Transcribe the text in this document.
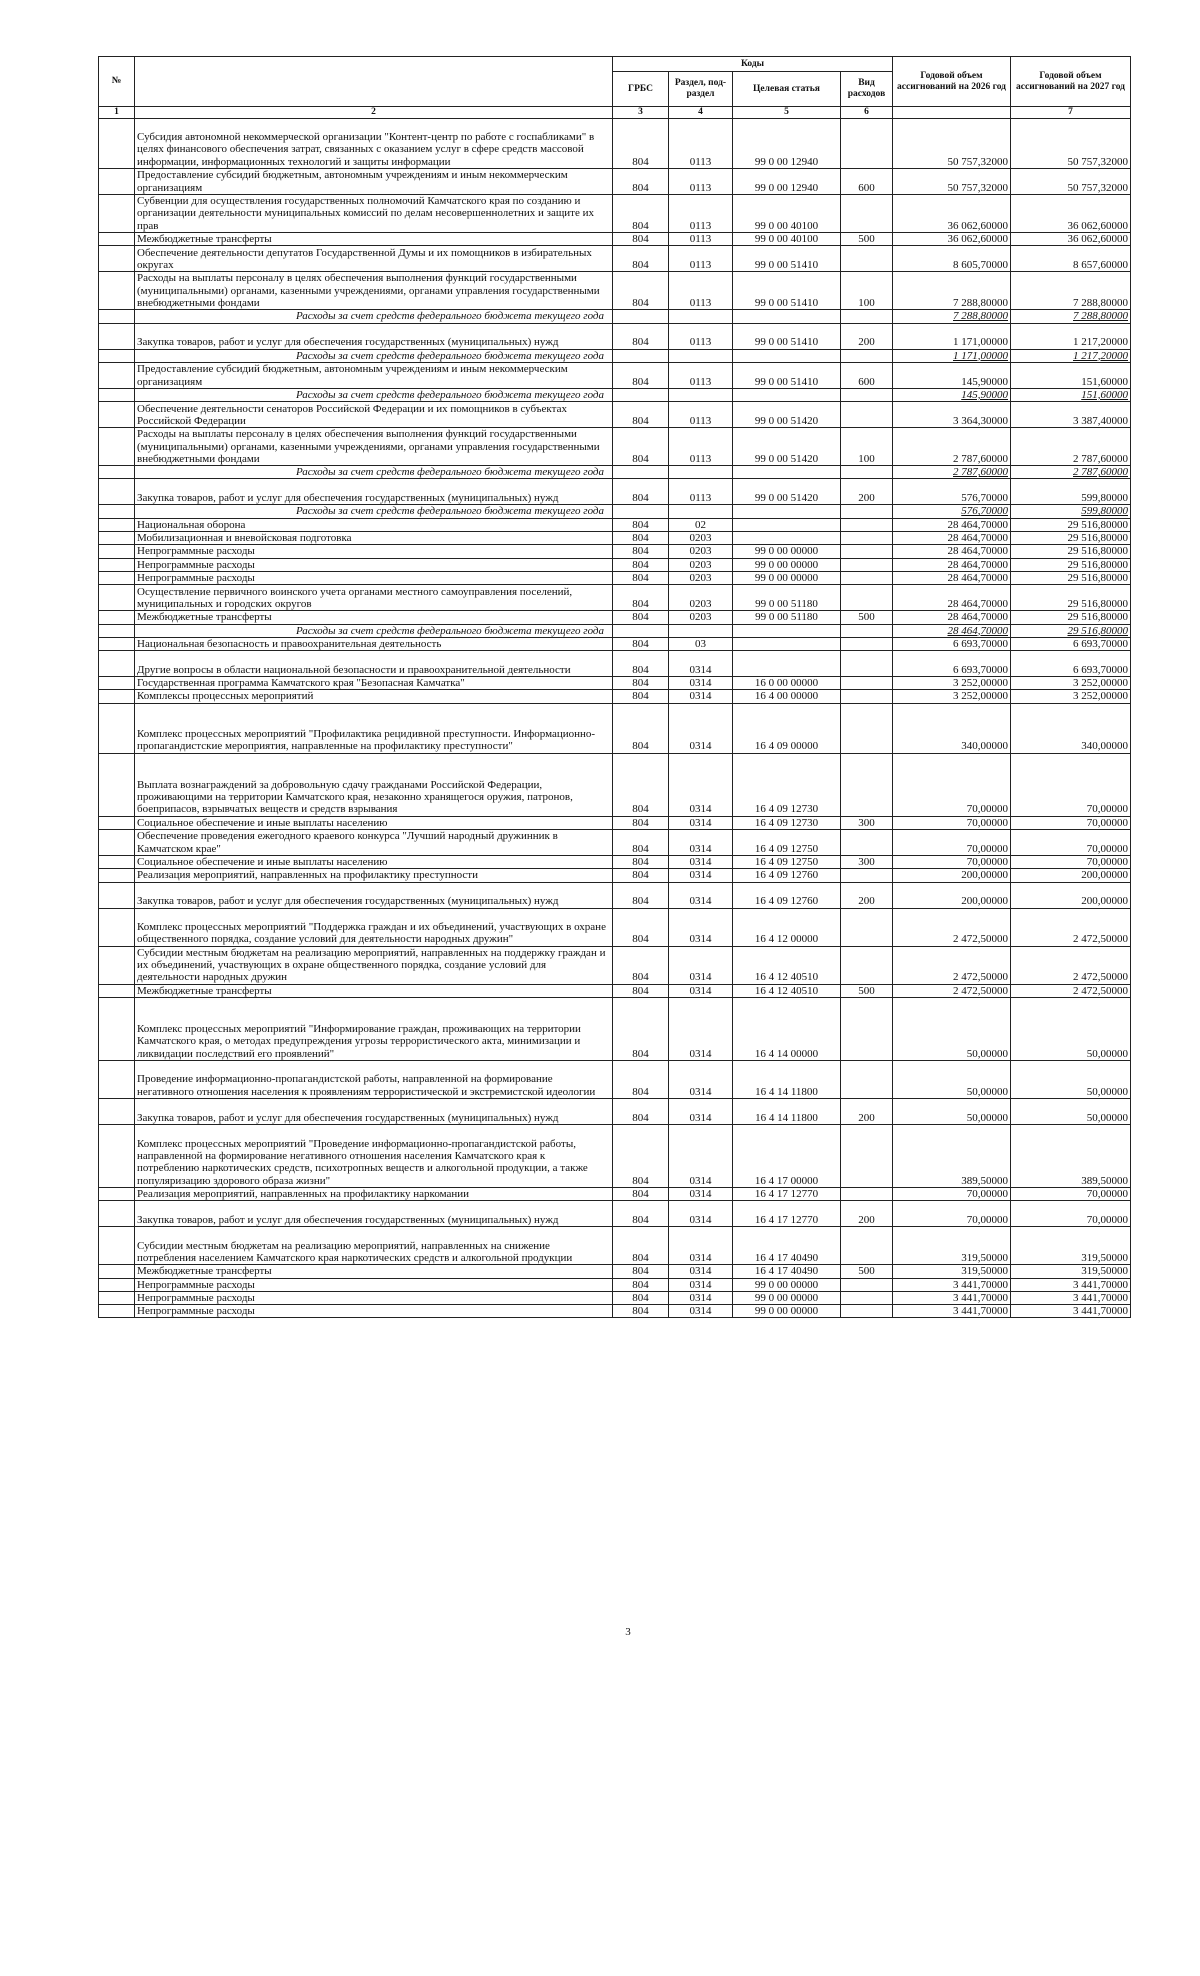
№		Коды				Годовой объем ассигнований на 2026 год	Годовой объем ассигнований на 2027 год
		ГРБС	Раздел, под-раздел	Целевая статья	Вид расходов		
1	2	3	4	5	6		7
	Субсидия автономной некоммерческой организации "Контент-центр по работе с госпабликами" в целях финансового обеспечения затрат, связанных с оказанием услуг в сфере средств массовой информации, информационных технологий и защиты информации	804	0113	99 0 00 12940		50 757,32000	50 757,32000
	Предоставление субсидий бюджетным, автономным учреждениям и иным некоммерческим организациям	804	0113	99 0 00 12940	600	50 757,32000	50 757,32000
	Субвенции для осуществления государственных полномочий Камчатского края по созданию и организации деятельности муниципальных комиссий по делам несовершеннолетних и защите их прав	804	0113	99 0 00 40100		36 062,60000	36 062,60000
	Межбюджетные трансферты	804	0113	99 0 00 40100	500	36 062,60000	36 062,60000
	Обеспечение деятельности депутатов Государственной Думы и их помощников в избирательных округах	804	0113	99 0 00 51410		8 605,70000	8 657,60000
	Расходы на выплаты персоналу в целях обеспечения выполнения функций государственными (муниципальными) органами, казенными учреждениями, органами управления государственными внебюджетными фондами	804	0113	99 0 00 51410	100	7 288,80000	7 288,80000
	Расходы за счет средств федерального бюджета текущего года					7 288,80000	7 288,80000
	Закупка товаров, работ и услуг для обеспечения государственных (муниципальных) нужд	804	0113	99 0 00 51410	200	1 171,00000	1 217,20000
	Расходы за счет средств федерального бюджета текущего года					1 171,00000	1 217,20000
	Предоставление субсидий бюджетным, автономным учреждениям и иным некоммерческим организациям	804	0113	99 0 00 51410	600	145,90000	151,60000
	Расходы за счет средств федерального бюджета текущего года					145,90000	151,60000
	Обеспечение деятельности сенаторов Российской Федерации и их помощников в субъектах Российской Федерации	804	0113	99 0 00 51420		3 364,30000	3 387,40000
	Расходы на выплаты персоналу в целях обеспечения выполнения функций государственными (муниципальными) органами, казенными учреждениями, органами управления государственными внебюджетными фондами	804	0113	99 0 00 51420	100	2 787,60000	2 787,60000
	Расходы за счет средств федерального бюджета текущего года					2 787,60000	2 787,60000
	Закупка товаров, работ и услуг для обеспечения государственных (муниципальных) нужд	804	0113	99 0 00 51420	200	576,70000	599,80000
	Расходы за счет средств федерального бюджета текущего года					576,70000	599,80000
	Национальная оборона	804	02			28 464,70000	29 516,80000
	Мобилизационная и вневойсковая подготовка	804	0203			28 464,70000	29 516,80000
	Непрограммные расходы	804	0203	99 0 00 00000		28 464,70000	29 516,80000
	Непрограммные расходы	804	0203	99 0 00 00000		28 464,70000	29 516,80000
	Непрограммные расходы	804	0203	99 0 00 00000		28 464,70000	29 516,80000
	Осуществление первичного воинского учета органами местного самоуправления поселений, муниципальных и городских округов	804	0203	99 0 00 51180		28 464,70000	29 516,80000
	Межбюджетные трансферты	804	0203	99 0 00 51180	500	28 464,70000	29 516,80000
	Расходы за счет средств федерального бюджета текущего года					28 464,70000	29 516,80000
	Национальная безопасность и правоохранительная деятельность	804	03			6 693,70000	6 693,70000
	Другие вопросы в области национальной безопасности и правоохранительной деятельности	804	0314			6 693,70000	6 693,70000
	Государственная программа Камчатского края "Безопасная Камчатка"	804	0314	16 0 00 00000		3 252,00000	3 252,00000
	Комплексы процессных мероприятий	804	0314	16 4 00 00000		3 252,00000	3 252,00000
	Комплекс процессных мероприятий "Профилактика рецидивной преступности. Информационно-пропагандистские мероприятия, направленные на профилактику преступности"	804	0314	16 4 09 00000		340,00000	340,00000
	Выплата вознаграждений за добровольную сдачу гражданами Российской Федерации, проживающими на территории Камчатского края, незаконно хранящегося оружия, патронов, боеприпасов, взрывчатых веществ и средств взрывания	804	0314	16 4 09 12730		70,00000	70,00000
	Социальное обеспечение и иные выплаты населению	804	0314	16 4 09 12730	300	70,00000	70,00000
	Обеспечение проведения ежегодного краевого конкурса "Лучший народный дружинник в Камчатском крае"	804	0314	16 4 09 12750		70,00000	70,00000
	Социальное обеспечение и иные выплаты населению	804	0314	16 4 09 12750	300	70,00000	70,00000
	Реализация мероприятий, направленных на профилактику преступности	804	0314	16 4 09 12760		200,00000	200,00000
	Закупка товаров, работ и услуг для обеспечения государственных (муниципальных) нужд	804	0314	16 4 09 12760	200	200,00000	200,00000
	Комплекс процессных мероприятий "Поддержка граждан и их объединений, участвующих в охране общественного порядка, создание условий для деятельности народных дружин"	804	0314	16 4 12 00000		2 472,50000	2 472,50000
	Субсидии местным бюджетам на реализацию мероприятий, направленных на поддержку граждан и их объединений, участвующих в охране общественного порядка, создание условий для деятельности народных дружин	804	0314	16 4 12 40510		2 472,50000	2 472,50000
	Межбюджетные трансферты	804	0314	16 4 12 40510	500	2 472,50000	2 472,50000
	Комплекс процессных мероприятий "Информирование граждан, проживающих на территории Камчатского края, о методах предупреждения угрозы террористического акта, минимизации и ликвидации последствий его проявлений"	804	0314	16 4 14 00000		50,00000	50,00000
	Проведение информационно-пропагандистской работы, направленной на формирование негативного отношения населения к проявлениям террористической и экстремистской идеологии	804	0314	16 4 14 11800		50,00000	50,00000
	Закупка товаров, работ и услуг для обеспечения государственных (муниципальных) нужд	804	0314	16 4 14 11800	200	50,00000	50,00000
	Комплекс процессных мероприятий "Проведение информационно-пропагандистской работы, направленной на формирование негативного отношения населения Камчатского края к потреблению наркотических средств, психотропных веществ и алкогольной продукции, а также популяризацию здорового образа жизни"	804	0314	16 4 17 00000		389,50000	389,50000
	Реализация мероприятий, направленных на профилактику наркомании	804	0314	16 4 17 12770		70,00000	70,00000
	Закупка товаров, работ и услуг для обеспечения государственных (муниципальных) нужд	804	0314	16 4 17 12770	200	70,00000	70,00000
	Субсидии местным бюджетам на реализацию мероприятий, направленных на снижение потребления населением Камчатского края наркотических средств и алкогольной продукции	804	0314	16 4 17 40490		319,50000	319,50000
	Межбюджетные трансферты	804	0314	16 4 17 40490	500	319,50000	319,50000
	Непрограммные расходы	804	0314	99 0 00 00000		3 441,70000	3 441,70000
	Непрограммные расходы	804	0314	99 0 00 00000		3 441,70000	3 441,70000
	Непрограммные расходы	804	0314	99 0 00 00000		3 441,70000	3 441,70000
3
